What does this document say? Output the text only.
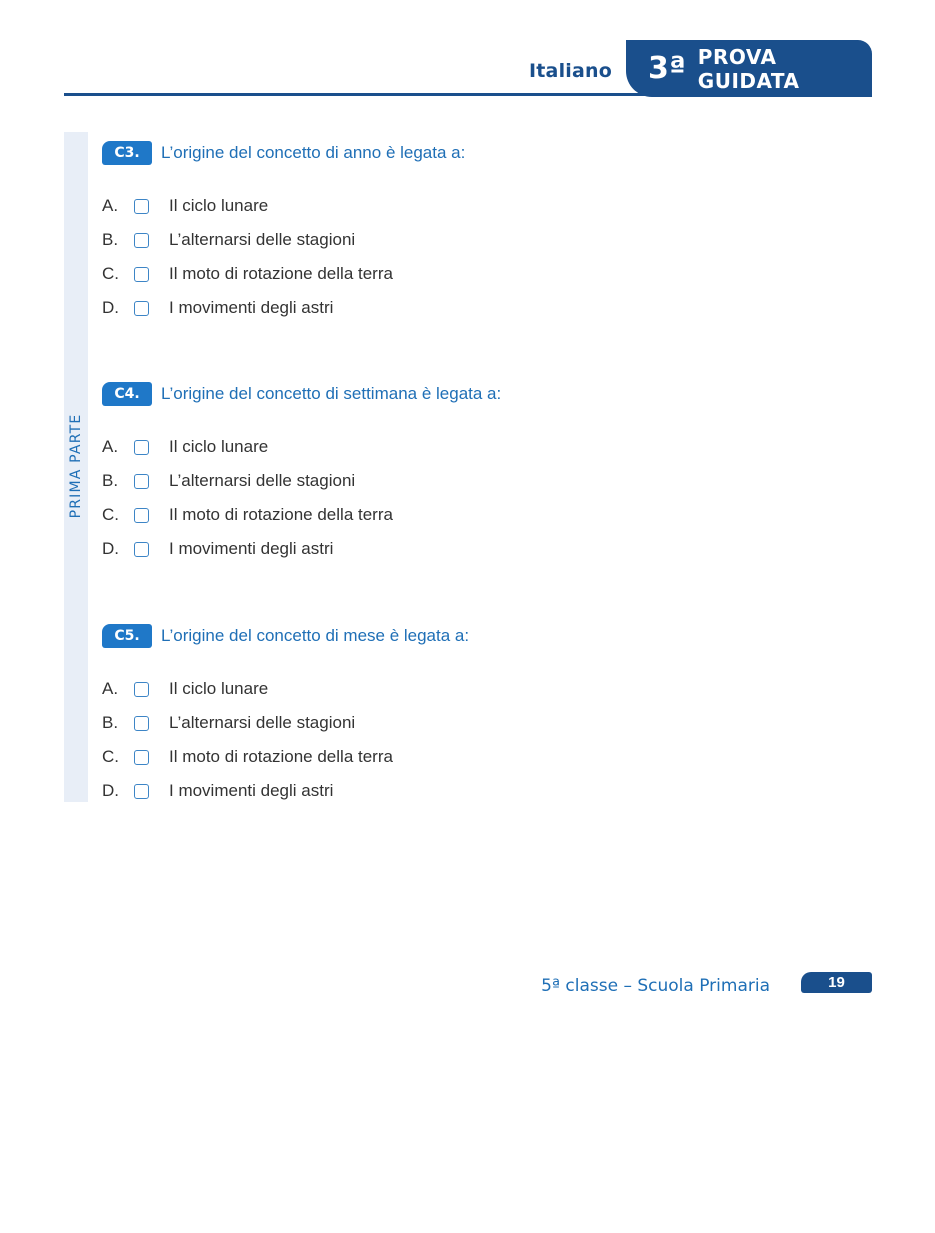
Italiano 3ª PROVA GUIDATA
PRIMA PARTE
C3.	L’origine del concetto di anno è legata a:
A.	Il ciclo lunare
B.	L’alternarsi delle stagioni
C.	Il moto di rotazione della terra
D.	I movimenti degli astri
C4.	L’origine del concetto di settimana è legata a:
A.	Il ciclo lunare
B.	L’alternarsi delle stagioni
C.	Il moto di rotazione della terra
D.	I movimenti degli astri
C5.	L’origine del concetto di mese è legata a:
A.	Il ciclo lunare
B.	L’alternarsi delle stagioni
C.	Il moto di rotazione della terra
D.	I movimenti degli astri
5ª classe – Scuola Primaria	19
